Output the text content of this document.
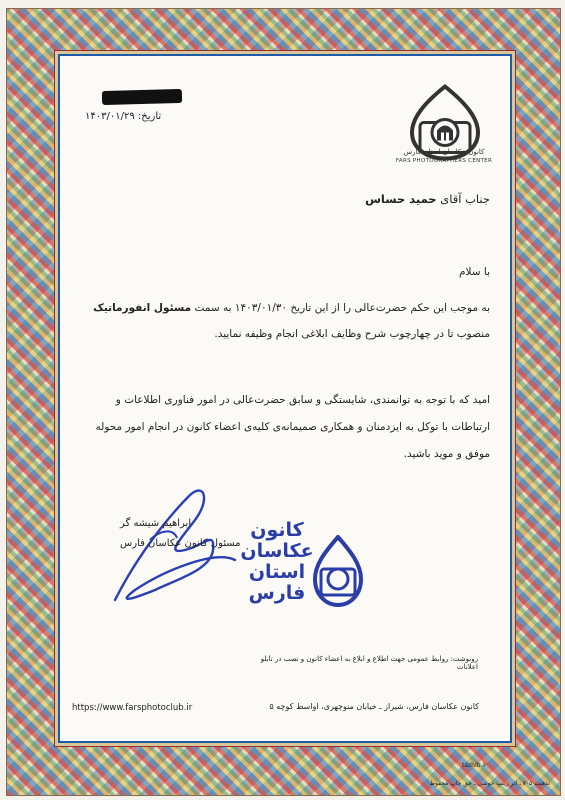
کانون عکاسان استان فارس
FARS PHOTOGRAPHERS CENTER
تاریخ: ۱۴۰۳/۰۱/۲۹
جناب آقای حمید حساس
با سلام
به موجب این حکم حضرت‌عالی را از این تاریخ ۱۴۰۳/۰۱/۳۰ به سمت مسئول انفورماتیک
منصوب تا در چهارچوب شرح وظایف ابلاغی انجام وظیفه نمایید.
امید که با توجه به توانمندی، شایستگی و سابق حضرت‌عالی در امور فناوری اطلاعات و
ارتباطات با توکل به ایزدمنان و همکاری صمیمانه‌ی کلیه‌ی اعضاء کانون در انجام امور محوله
موفق و موید باشید.
ابراهیم شیشه گر
مسئول کانون عکاسان فارس
کانون
عکاسان
استان
فارس
رونوشت: روابط عمومی جهت اطلاع و ابلاغ به اعضاء کانون و نصب در تابلو اعلانات
کانون عکاسان فارس، شیراز ـ خیابان منوچهری، اواسط کوچه ۵
https://www.farsphotoclub.ir
tazhib.ir
تذهیب ۷۰۵ ـ اثر زینب خوشی ـ حق چاپ محفوظ
